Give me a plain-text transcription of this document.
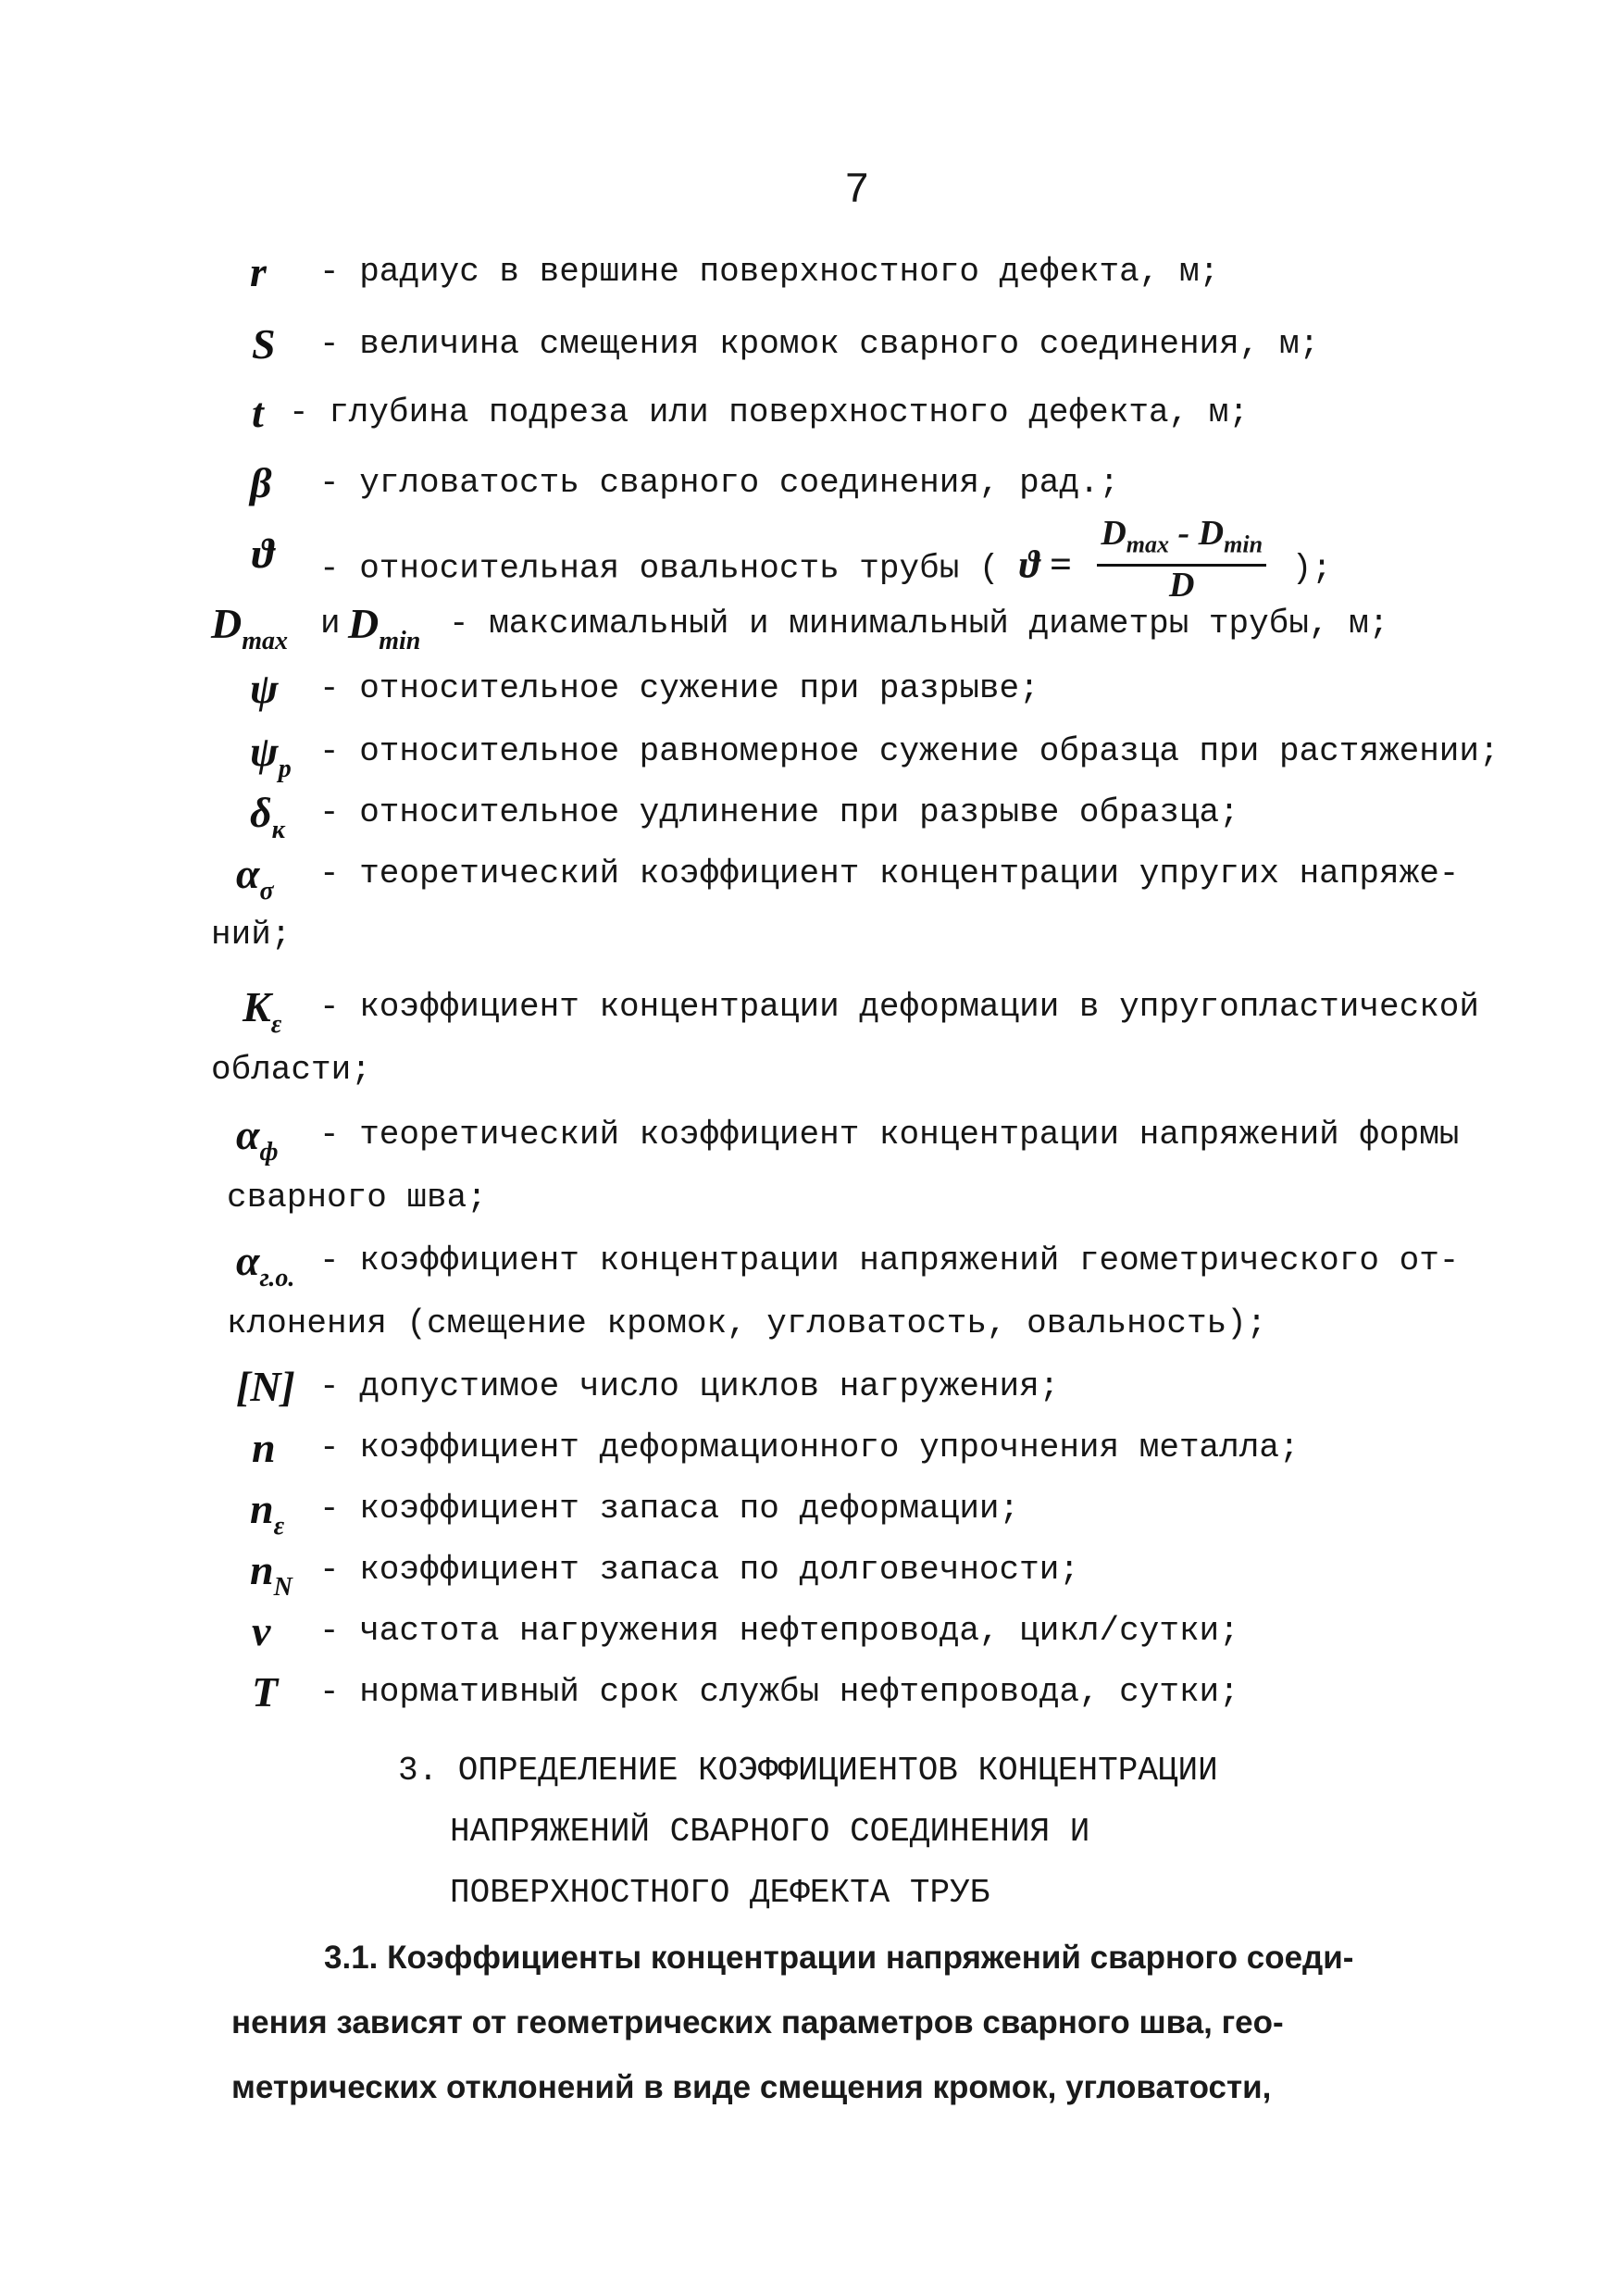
7
r - радиус в вершине поверхностного дефекта, м;
S - величина смещения кромок сварного соединения, м;
t - глубина подреза или поверхностного дефекта, м;
β - угловатость сварного соединения, рад.;
ϑ - относительная овальность трубы ( $ϑ = \frac{D_{max} - D_{min}}{D}$ );
$D_{max}$ и $D_{min}$ - максимальный и минимальный диаметры трубы, м;
ψ - относительное сужение при разрыве;
$\psi_р$ - относительное равномерное сужение образца при растяжении;
$\delta_к$ - относительное удлинение при разрыве образца;
$\alpha_\sigma$ - теоретический коэффициент концентрации упругих напряже-
ний;
$K_\varepsilon$ - коэффициент концентрации деформации в упругопластической
области;
$\alpha_ф$ - теоретический коэффициент концентрации напряжений формы
сварного шва;
$\alpha_{г.о.}$ - коэффициент концентрации напряжений геометрического от-
клонения (смещение кромок, угловатость, овальность);
[N] - допустимое число циклов нагружения;
n - коэффициент деформационного упрочнения металла;
$n_\varepsilon$ - коэффициент запаса по деформации;
$n_N$ - коэффициент запаса по долговечности;
ν - частота нагружения нефтепровода, цикл/сутки;
T - нормативный срок службы нефтепровода, сутки;
3. ОПРЕДЕЛЕНИЕ КОЭФФИЦИЕНТОВ КОНЦЕНТРАЦИИ
НАПРЯЖЕНИЙ СВАРНОГО СОЕДИНЕНИЯ И
ПОВЕРХНОСТНОГО ДЕФЕКТА ТРУБ
3.1. Коэффициенты концентрации напряжений сварного соеди-
нения зависят от геометрических параметров сварного шва, гео-
метрических отклонений в виде смещения кромок, угловатости,
